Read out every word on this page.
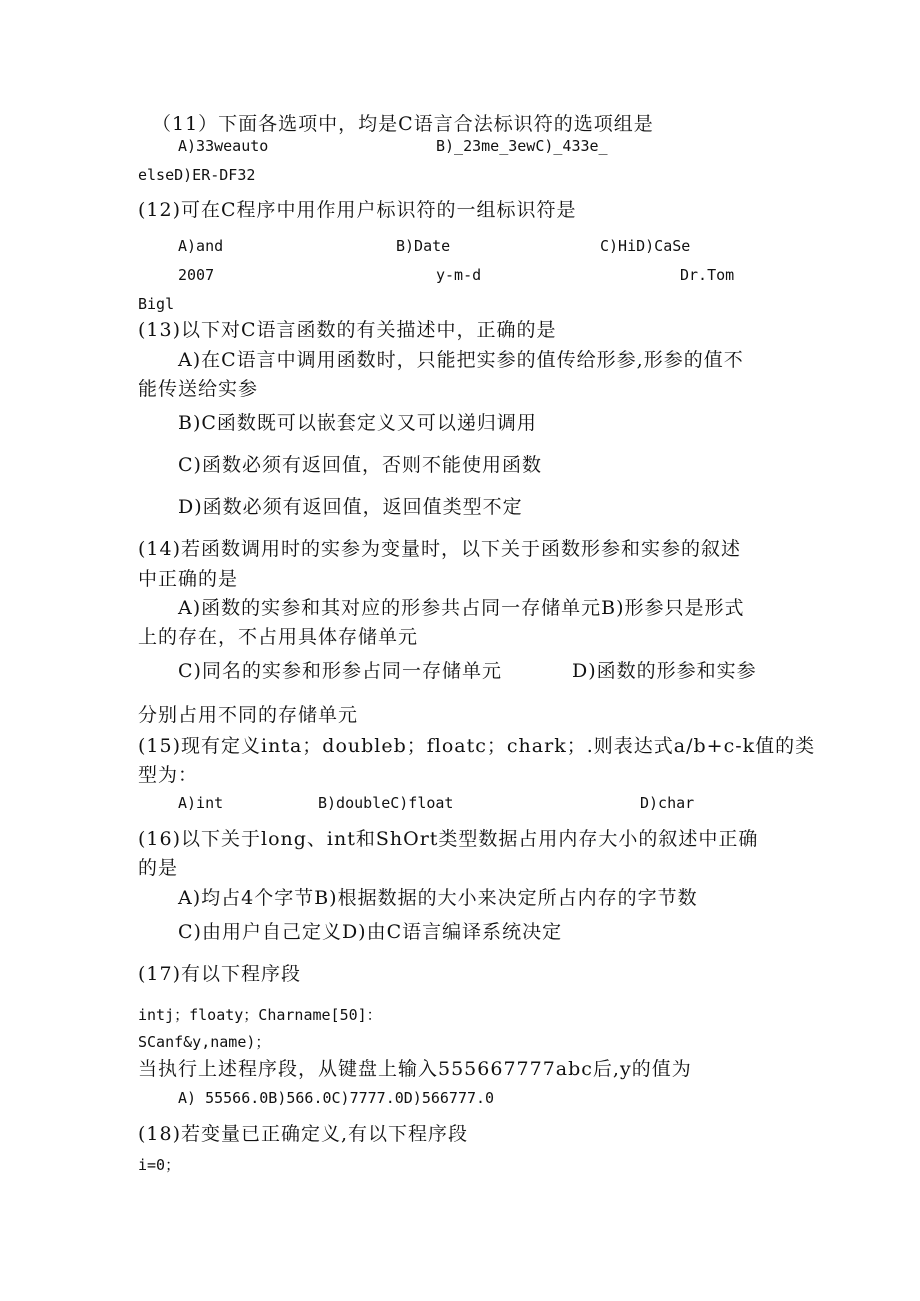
（11）下面各选项中，均是C语言合法标识符的选项组是
A)33weauto	B)_23me_3ewC)_433e_
elseD)ER-DF32
(12)可在C程序中用作用户标识符的一组标识符是
A)and	B)Date	C)HiD)CaSe
2007	y-m-d	Dr.Tom
Bigl
(13)以下对C语言函数的有关描述中，正确的是
A)在C语言中调用函数时，只能把实参的值传给形参,形参的值不
能传送给实参
B)C函数既可以嵌套定义又可以递归调用
C)函数必须有返回值，否则不能使用函数
D)函数必须有返回值，返回值类型不定
(14)若函数调用时的实参为变量时，以下关于函数形参和实参的叙述
中正确的是
A)函数的实参和其对应的形参共占同一存储单元B)形参只是形式
上的存在，不占用具体存储单元
C)同名的实参和形参占同一存储单元	D)函数的形参和实参
分别占用不同的存储单元
(15)现有定义inta；doubleb；floatc；chark；.则表达式a/b+c-k值的类
型为：
A)int	B)doubleC)float	D)char
(16)以下关于long、int和ShOrt类型数据占用内存大小的叙述中正确
的是
A)均占4个字节B)根据数据的大小来决定所占内存的字节数
C)由用户自己定义D)由C语言编译系统决定
(17)有以下程序段
intj；floaty；Charname[50]：
SCanf&y,name)；
当执行上述程序段，从键盘上输入555667777abc后,y的值为
A) 55566.0B)566.0C)7777.0D)566777.0
(18)若变量已正确定义,有以下程序段
i=0；
